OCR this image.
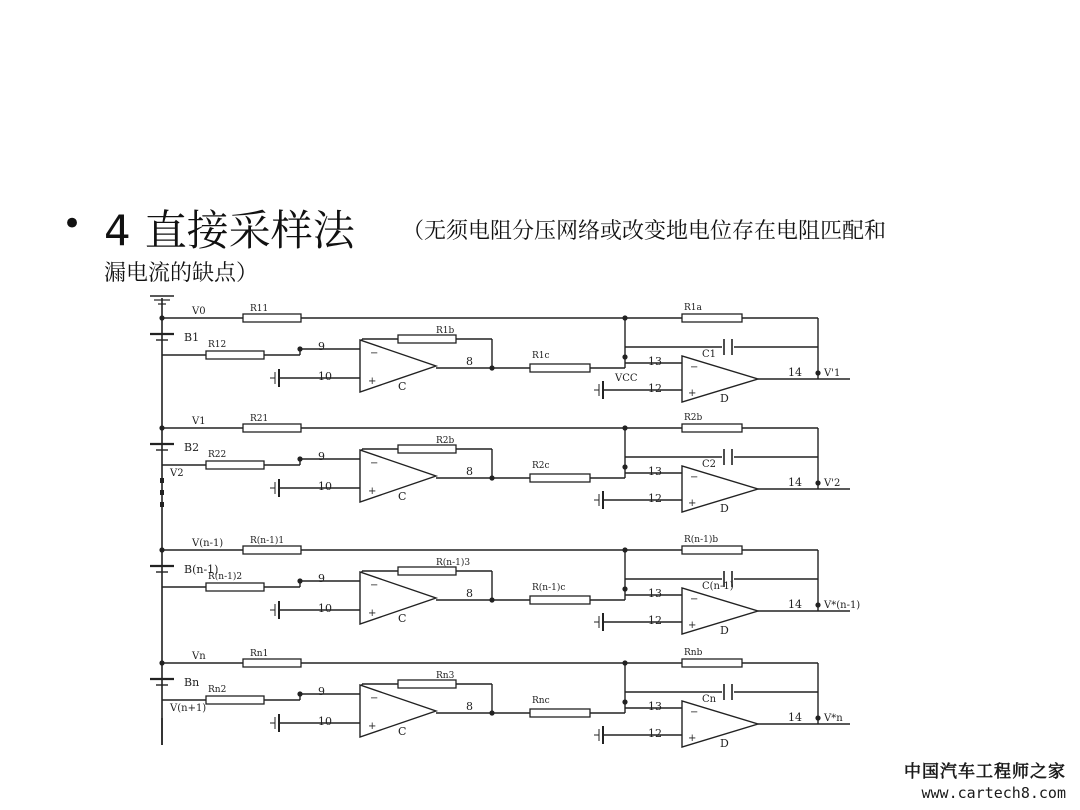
• 4 直接采样法 （无须电阻分压网络或改变地电位存在电阻匹配和
漏电流的缺点）
R11
V0
B1
R12	9
R1b
−
+ C
10
8	R1c
R1a
C1
13	−
+ D
12
14 V'1
R21
V1
B2
V2
R22	9
R2b
−
+ C
10
8	R2c
R2b
C2
13	−
+ D
12
14 V'2
R(n-1)1
V(n-1)
B(n-1)
R(n-1)2	9
R(n-1)3
−
+ C
10
8	R(n-1)c
R(n-1)b
C(n-1)
13	−
+ D
12
14 V*(n-1)
Rn1
Vn
Bn
V(n+1)
Rn2	9
Rn3
−
+ C
10
8	Rnc
Rnb
Cn
13	−
+ D
12
14 V*n
VCC
中国汽车工程师之家
www.cartech8.com
